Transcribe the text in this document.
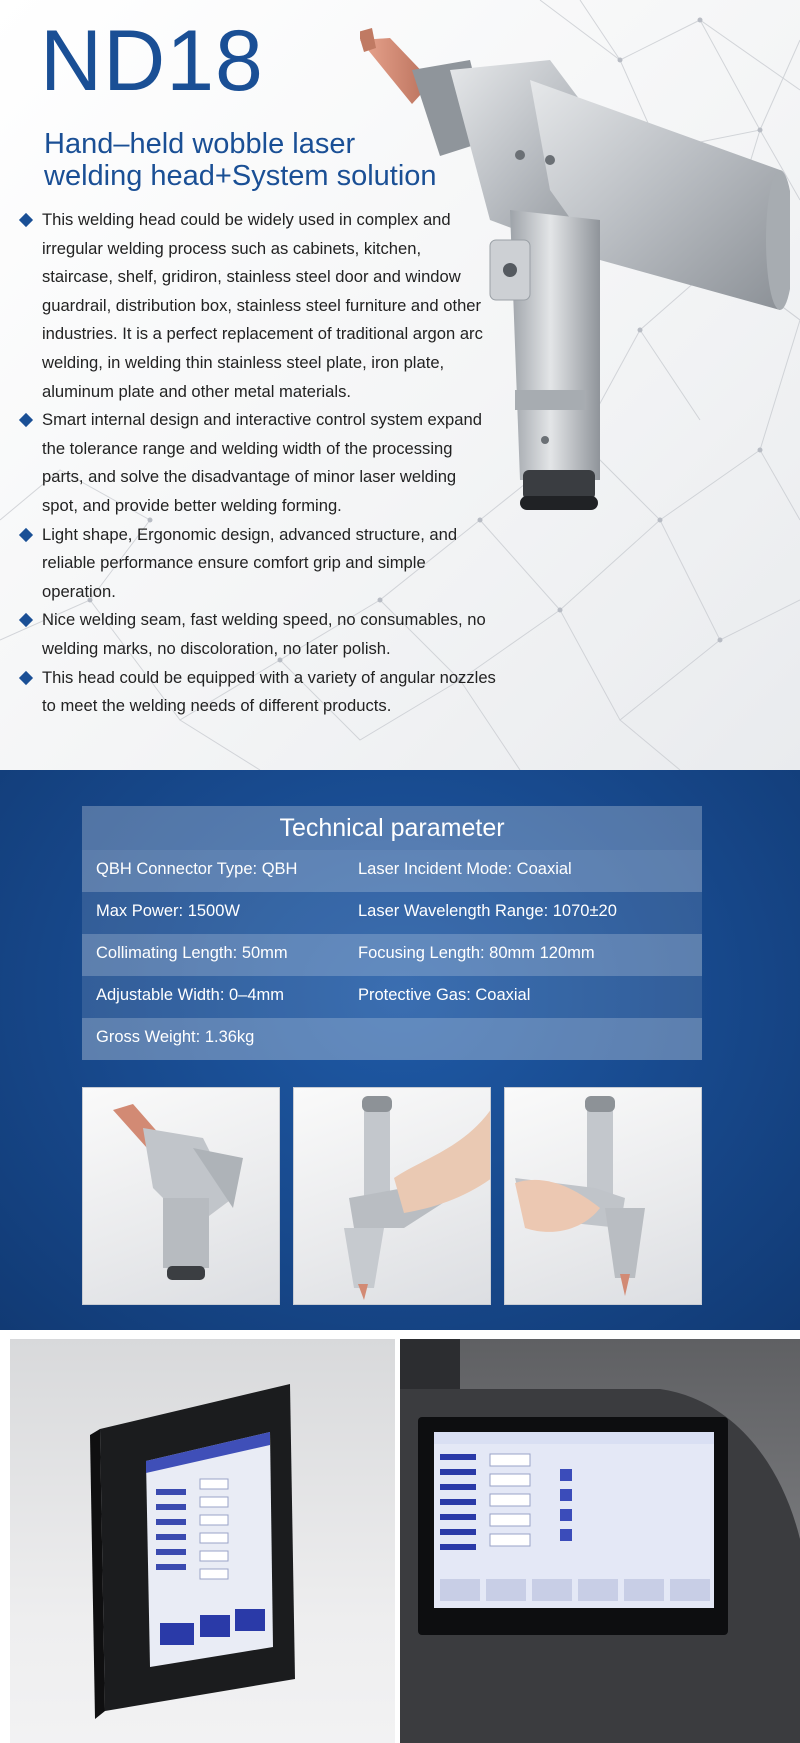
ND18
Hand–held wobble laser
welding head+System solution
This welding head could be widely used in complex and irregular welding process such as cabinets, kitchen, staircase, shelf, gridiron, stainless steel door and window guardrail, distribution box, stainless steel furniture and other industries. It is a perfect replacement of traditional argon arc welding, in welding thin stainless steel plate, iron plate, aluminum plate and other metal materials.
Smart internal design and interactive control system expand the tolerance range and welding width of the processing parts, and solve the disadvantage of minor laser welding spot, and provide better welding forming.
Light shape, Ergonomic design, advanced structure, and reliable performance ensure comfort grip and simple operation.
Nice welding seam, fast welding speed, no consumables, no welding marks, no discoloration, no later polish.
This head could be equipped with a variety of angular nozzles to meet the welding needs of different products.
Technical parameter
QBH Connector Type: QBH	Laser Incident Mode: Coaxial
Max Power: 1500W	Laser Wavelength Range: 1070±20
Collimating Length: 50mm	Focusing Length: 80mm 120mm
Adjustable Width: 0–4mm	Protective Gas: Coaxial
Gross Weight: 1.36kg
